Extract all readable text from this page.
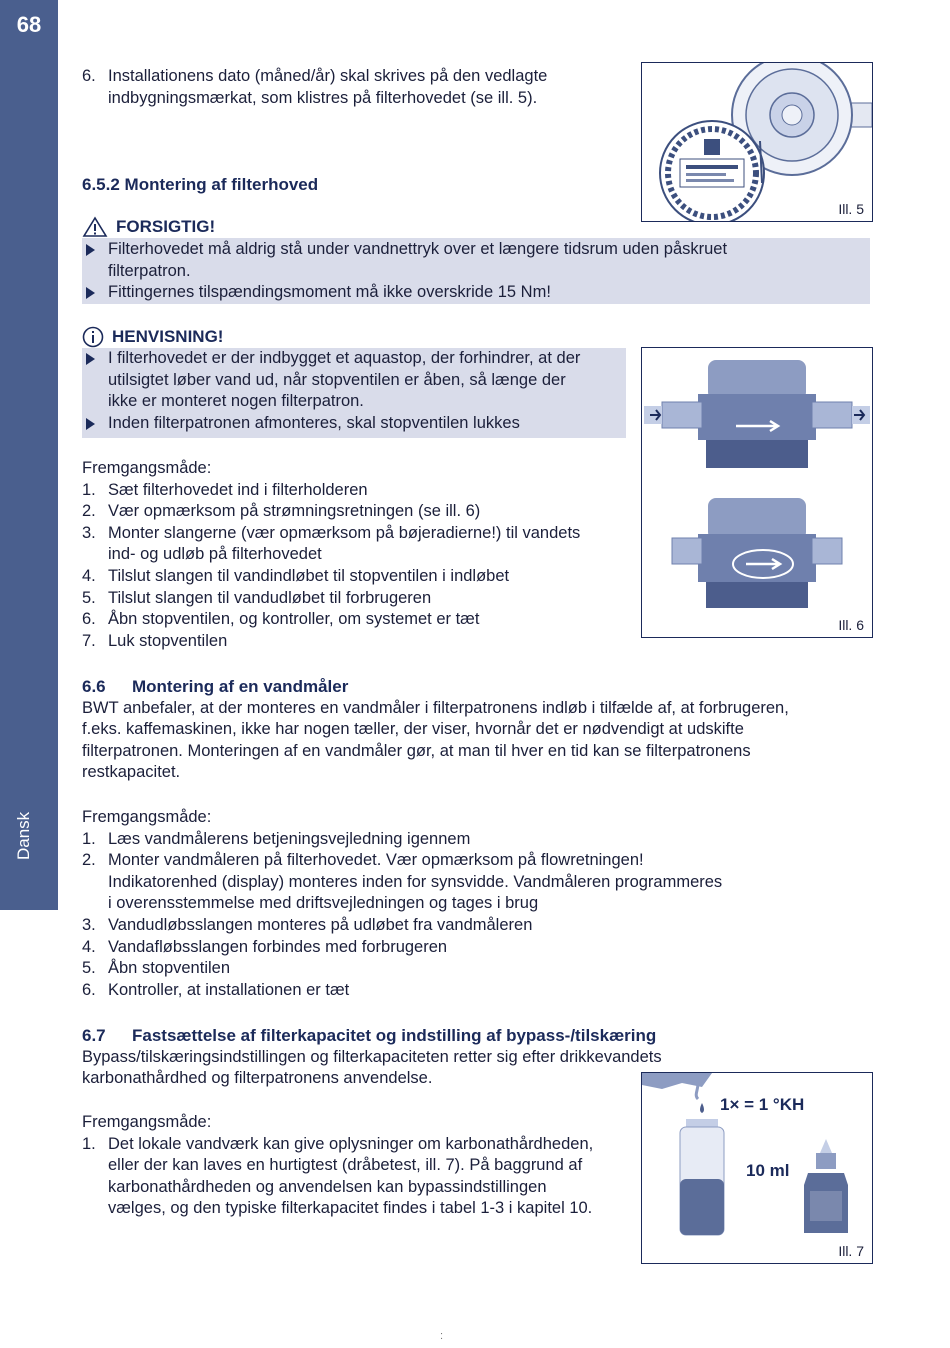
68
Dansk
6. Installationens dato (måned/år) skal skrives på den vedlagte
indbygningsmærkat, som klistres på filterhovedet (se ill. 5).
6.5.2 Montering af filterhoved
FORSIGTIG!
Filterhovedet må aldrig stå under vandnettryk over et længere tidsrum uden påskruet
filterpatron.
Fittingernes tilspændingsmoment må ikke overskride 15 Nm!
HENVISNING!
I filterhovedet er der indbygget et aquastop, der forhindrer, at der
utilsigtet løber vand ud, når stopventilen er åben, så længe der
ikke er monteret nogen filterpatron.
Inden filterpatronen afmonteres, skal stopventilen lukkes
Fremgangsmåde:
1. Sæt filterhovedet ind i filterholderen
2. Vær opmærksom på strømningsretningen (se ill. 6)
3. Monter slangerne (vær opmærksom på bøjeradierne!) til vandets
ind- og udløb på filterhovedet
4. Tilslut slangen til vandindløbet til stopventilen i indløbet
5. Tilslut slangen til vandudløbet til forbrugeren
6. Åbn stopventilen, og kontroller, om systemet er tæt
7. Luk stopventilen
6.6 Montering af en vandmåler
BWT anbefaler, at der monteres en vandmåler i filterpatronens indløb i tilfælde af, at forbrugeren,
f.eks. kaffemaskinen, ikke har nogen tæller, der viser, hvornår det er nødvendigt at udskifte
filterpatronen. Monteringen af en vandmåler gør, at man til hver en tid kan se filterpatronens
restkapacitet.
Fremgangsmåde:
1. Læs vandmålerens betjeningsvejledning igennem
2. Monter vandmåleren på filterhovedet. Vær opmærksom på flowretningen!
Indikatorenhed (display) monteres inden for synsvidde. Vandmåleren programmeres
i overensstemmelse med driftsvejledningen og tages i brug
3. Vandudløbsslangen monteres på udløbet fra vandmåleren
4. Vandafløbsslangen forbindes med forbrugeren
5. Åbn stopventilen
6. Kontroller, at installationen er tæt
6.7 Fastsættelse af filterkapacitet og indstilling af bypass-/tilskæring
Bypass/tilskæringsindstillingen og filterkapaciteten retter sig efter drikkevandets
karbonathårdhed og filterpatronens anvendelse.
Fremgangsmåde:
1. Det lokale vandværk kan give oplysninger om karbonathårdheden,
eller der kan laves en hurtigtest (dråbetest, ill. 7). På baggrund af
karbonathårdheden og anvendelsen kan bypassindstillingen
vælges, og den typiske filterkapacitet findes i tabel 1-3 i kapitel 10.
Ill. 5
Ill. 6
1× = 1 °KH
10 ml
Ill. 7
:
